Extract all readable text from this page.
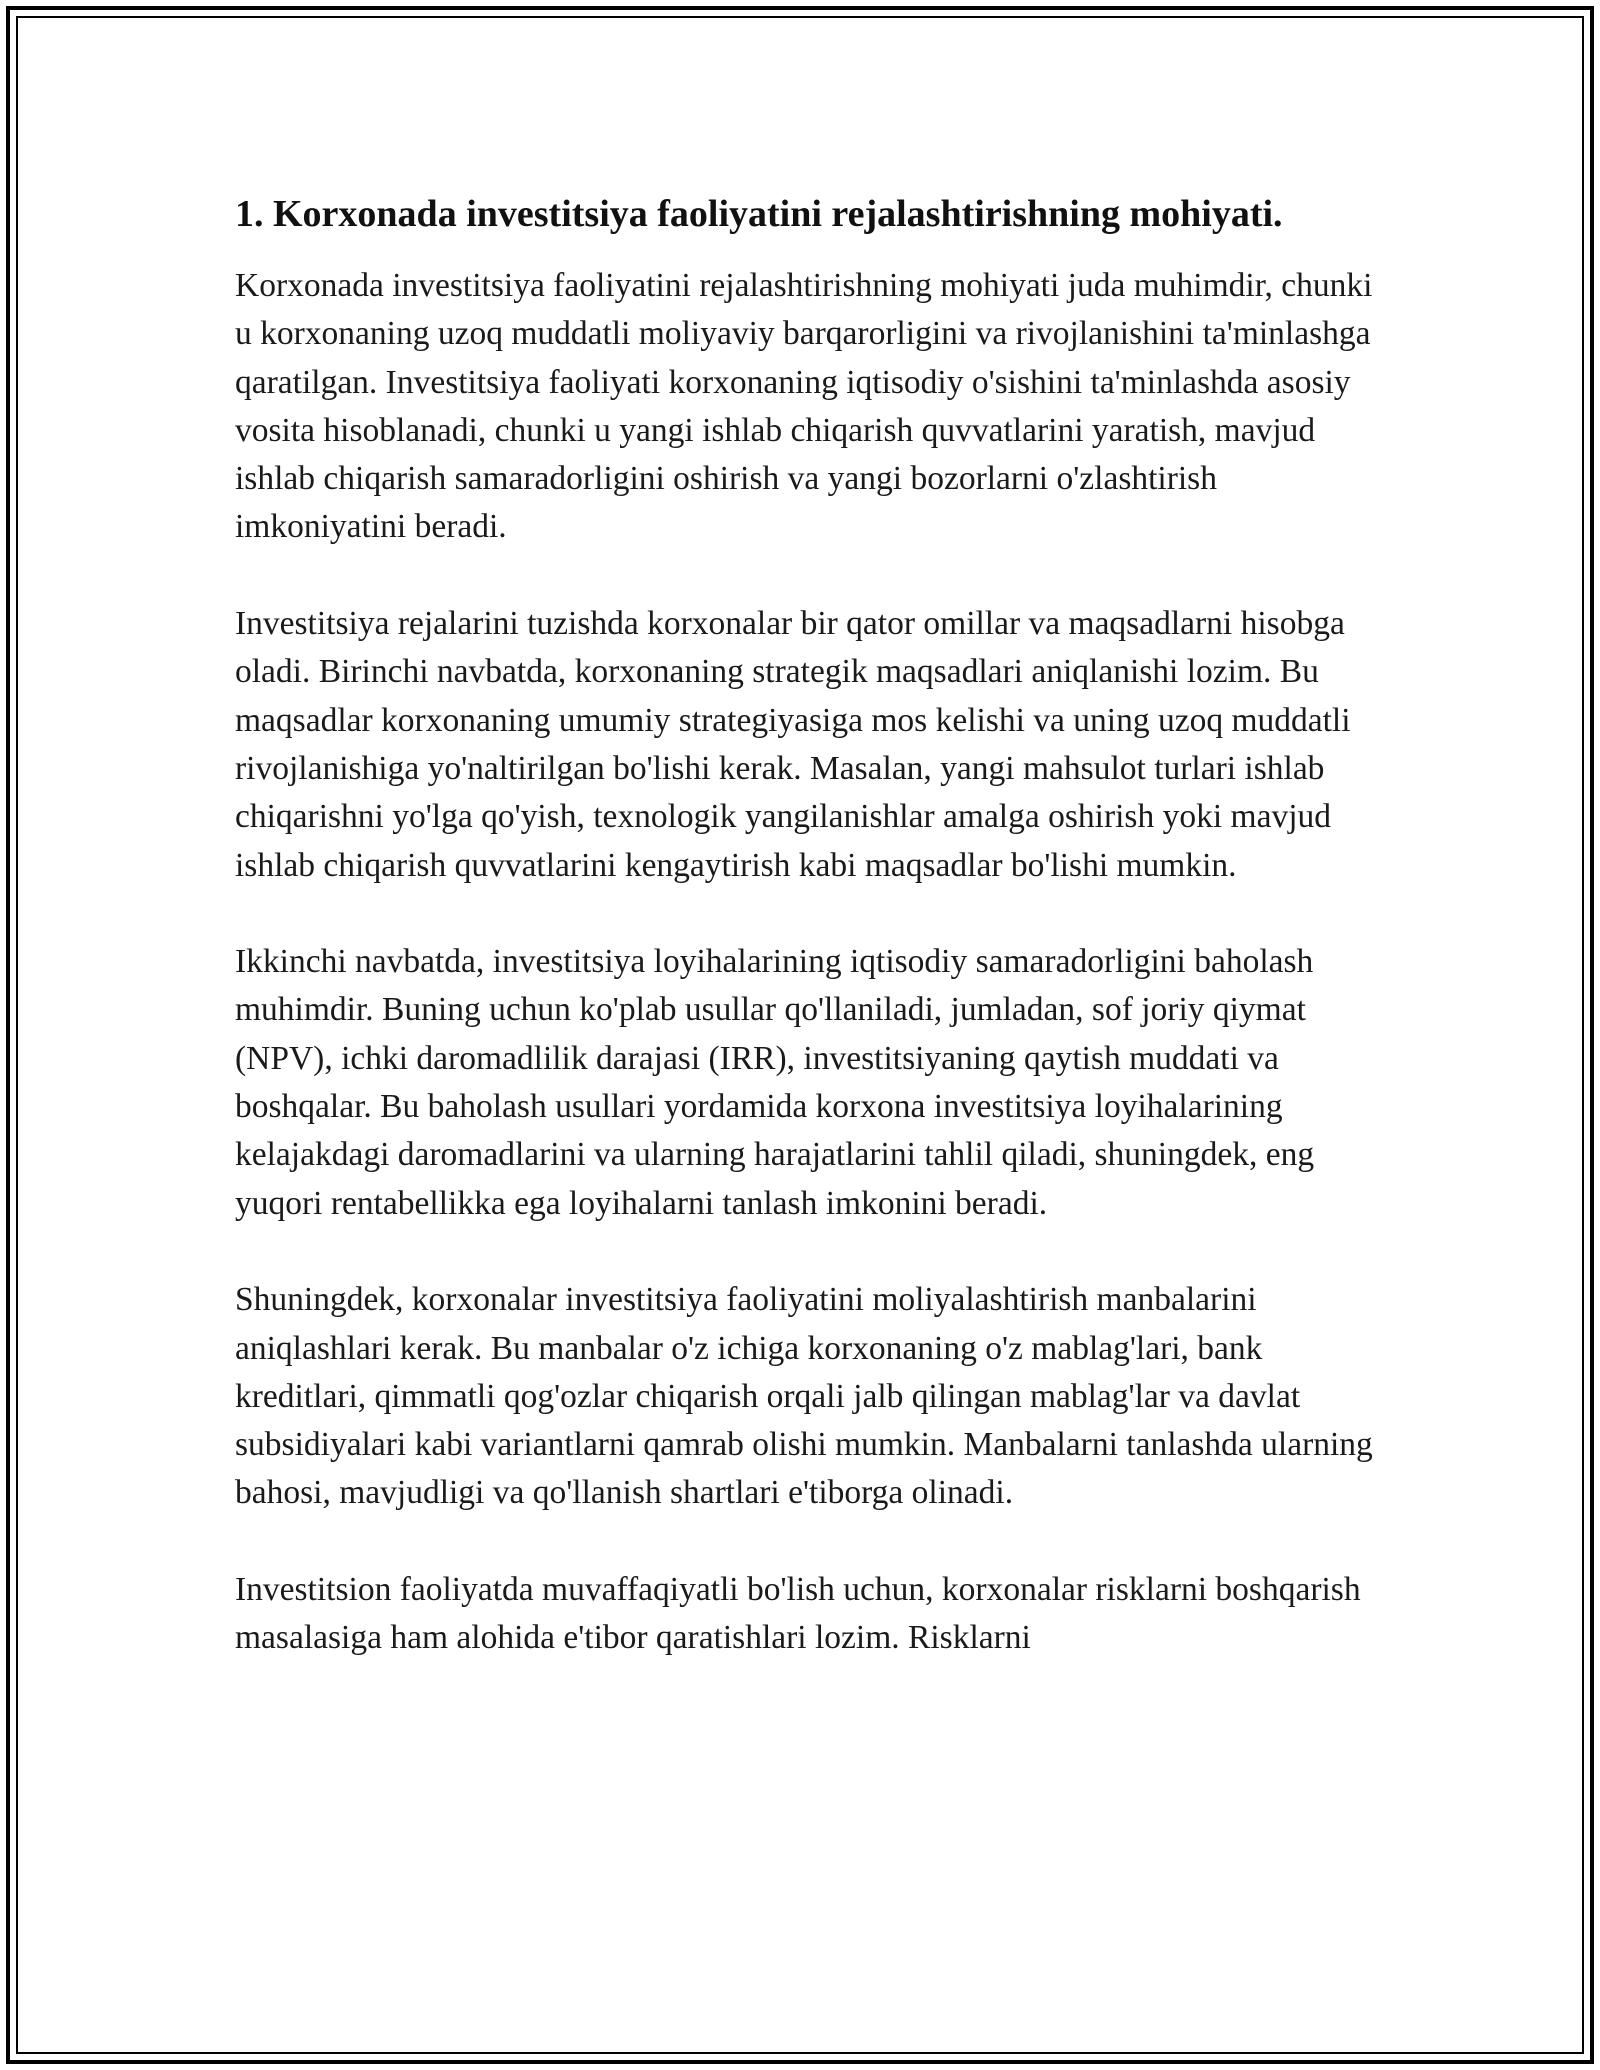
1. Korxonada investitsiya faoliyatini rejalashtirishning mohiyati.

Korxonada investitsiya faoliyatini rejalashtirishning mohiyati juda muhimdir, chunki u korxonaning uzoq muddatli moliyaviy barqarorligini va rivojlanishini ta'minlashga qaratilgan. Investitsiya faoliyati korxonaning iqtisodiy o'sishini ta'minlashda asosiy vosita hisoblanadi, chunki u yangi ishlab chiqarish quvvatlarini yaratish, mavjud ishlab chiqarish samaradorligini oshirish va yangi bozorlarni o'zlashtirish imkoniyatini beradi.

Investitsiya rejalarini tuzishda korxonalar bir qator omillar va maqsadlarni hisobga oladi. Birinchi navbatda, korxonaning strategik maqsadlari aniqlanishi lozim. Bu maqsadlar korxonaning umumiy strategiyasiga mos kelishi va uning uzoq muddatli rivojlanishiga yo'naltirilgan bo'lishi kerak. Masalan, yangi mahsulot turlari ishlab chiqarishni yo'lga qo'yish, texnologik yangilanishlar amalga oshirish yoki mavjud ishlab chiqarish quvvatlarini kengaytirish kabi maqsadlar bo'lishi mumkin.

Ikkinchi navbatda, investitsiya loyihalarining iqtisodiy samaradorligini baholash muhimdir. Buning uchun ko'plab usullar qo'llaniladi, jumladan, sof joriy qiymat (NPV), ichki daromadlilik darajasi (IRR), investitsiyaning qaytish muddati va boshqalar. Bu baholash usullari yordamida korxona investitsiya loyihalarining kelajakdagi daromadlarini va ularning harajatlarini tahlil qiladi, shuningdek, eng yuqori rentabellikka ega loyihalarni tanlash imkonini beradi.

Shuningdek, korxonalar investitsiya faoliyatini moliyalashtirish manbalarini aniqlashlari kerak. Bu manbalar o'z ichiga korxonaning o'z mablag'lari, bank kreditlari, qimmatli qog'ozlar chiqarish orqali jalb qilingan mablag'lar va davlat subsidiyalari kabi variantlarni qamrab olishi mumkin. Manbalarni tanlashda ularning bahosi, mavjudligi va qo'llanish shartlari e'tiborga olinadi.

Investitsion faoliyatda muvaffaqiyatli bo'lish uchun, korxonalar risklarni boshqarish masalasiga ham alohida e'tibor qaratishlari lozim. Risklarni
